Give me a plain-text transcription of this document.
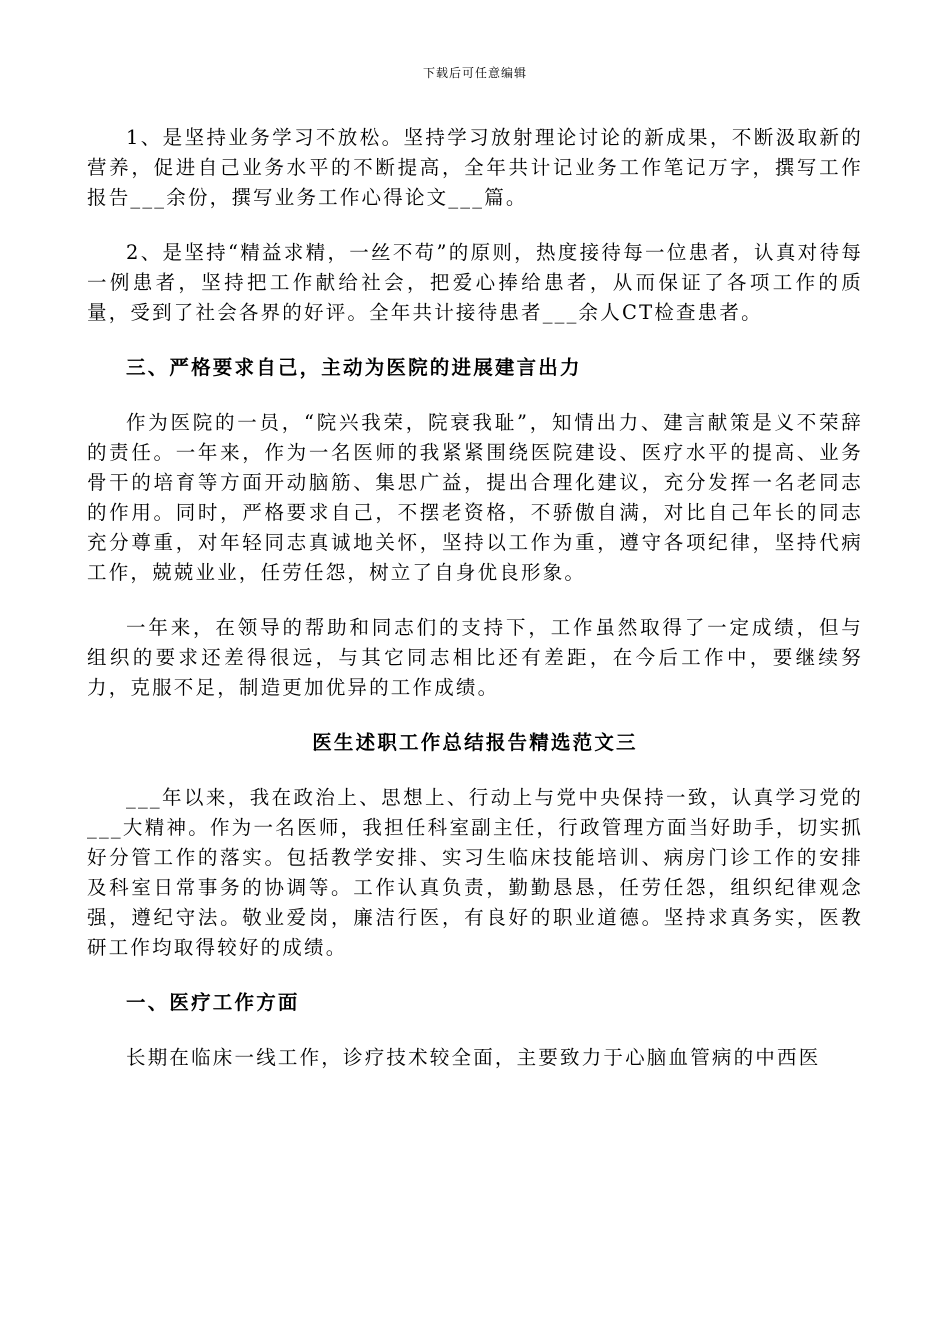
下载后可任意编辑

1、是坚持业务学习不放松。坚持学习放射理论讨论的新成果，不断汲取新的营养，促进自己业务水平的不断提高，全年共计记业务工作笔记万字，撰写工作报告___余份，撰写业务工作心得论文___篇。

2、是坚持“精益求精，一丝不苟”的原则，热度接待每一位患者，认真对待每一例患者，坚持把工作献给社会，把爱心捧给患者，从而保证了各项工作的质量，受到了社会各界的好评。全年共计接待患者___余人CT检查患者。

三、严格要求自己，主动为医院的进展建言出力

作为医院的一员，“院兴我荣，院衰我耻”，知情出力、建言献策是义不荣辞的责任。一年来，作为一名医师的我紧紧围绕医院建设、医疗水平的提高、业务骨干的培育等方面开动脑筋、集思广益，提出合理化建议，充分发挥一名老同志的作用。同时，严格要求自己，不摆老资格，不骄傲自满，对比自己年长的同志充分尊重，对年轻同志真诚地关怀，坚持以工作为重，遵守各项纪律，坚持代病工作，兢兢业业，任劳任怨，树立了自身优良形象。

一年来，在领导的帮助和同志们的支持下，工作虽然取得了一定成绩，但与组织的要求还差得很远，与其它同志相比还有差距，在今后工作中，要继续努力，克服不足，制造更加优异的工作成绩。

医生述职工作总结报告精选范文三

___年以来，我在政治上、思想上、行动上与党中央保持一致，认真学习党的___大精神。作为一名医师，我担任科室副主任，行政管理方面当好助手，切实抓好分管工作的落实。包括教学安排、实习生临床技能培训、病房门诊工作的安排及科室日常事务的协调等。工作认真负责，勤勤恳恳，任劳任怨，组织纪律观念强，遵纪守法。敬业爱岗，廉洁行医，有良好的职业道德。坚持求真务实，医教研工作均取得较好的成绩。

一、医疗工作方面

长期在临床一线工作，诊疗技术较全面，主要致力于心脑血管病的中西医
